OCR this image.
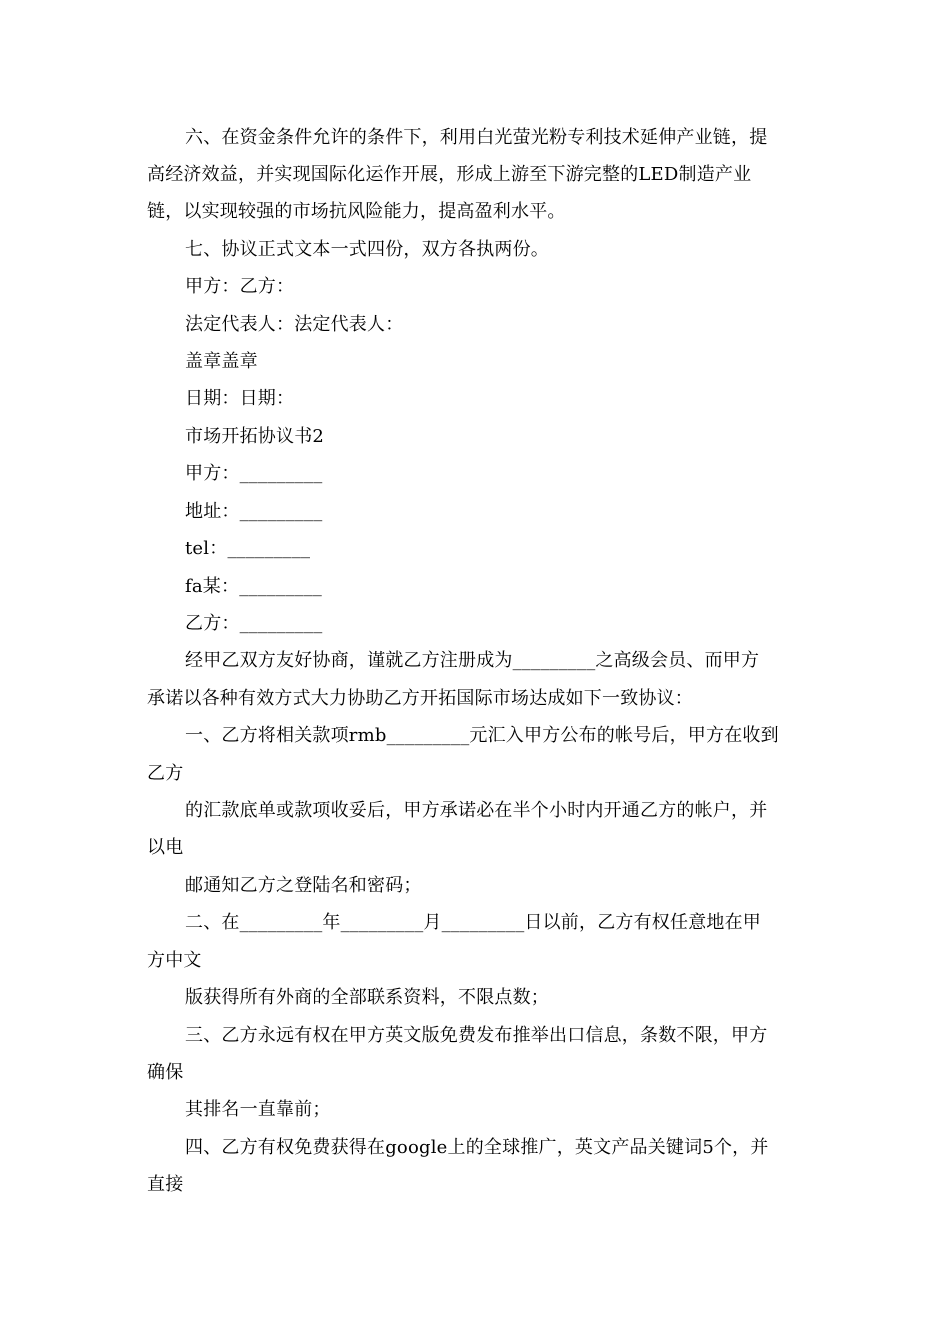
六、在资金条件允许的条件下，利用白光萤光粉专利技术延伸产业链，提
高经济效益，并实现国际化运作开展，形成上游至下游完整的LED制造产业
链，以实现较强的市场抗风险能力，提高盈利水平。
七、协议正式文本一式四份，双方各执两份。
甲方：乙方：
法定代表人：法定代表人：
盖章盖章
日期：日期：
市场开拓协议书2
甲方：_________
地址：_________
tel：_________
fa某：_________
乙方：_________
经甲乙双方友好协商，谨就乙方注册成为_________之高级会员、而甲方
承诺以各种有效方式大力协助乙方开拓国际市场达成如下一致协议：
一、乙方将相关款项rmb_________元汇入甲方公布的帐号后，甲方在收到
乙方
的汇款底单或款项收妥后，甲方承诺必在半个小时内开通乙方的帐户，并
以电
邮通知乙方之登陆名和密码；
二、在_________年_________月_________日以前，乙方有权任意地在甲
方中文
版获得所有外商的全部联系资料，不限点数；
三、乙方永远有权在甲方英文版免费发布推举出口信息，条数不限，甲方
确保
其排名一直靠前；
四、乙方有权免费获得在google上的全球推广，英文产品关键词5个，并
直接
